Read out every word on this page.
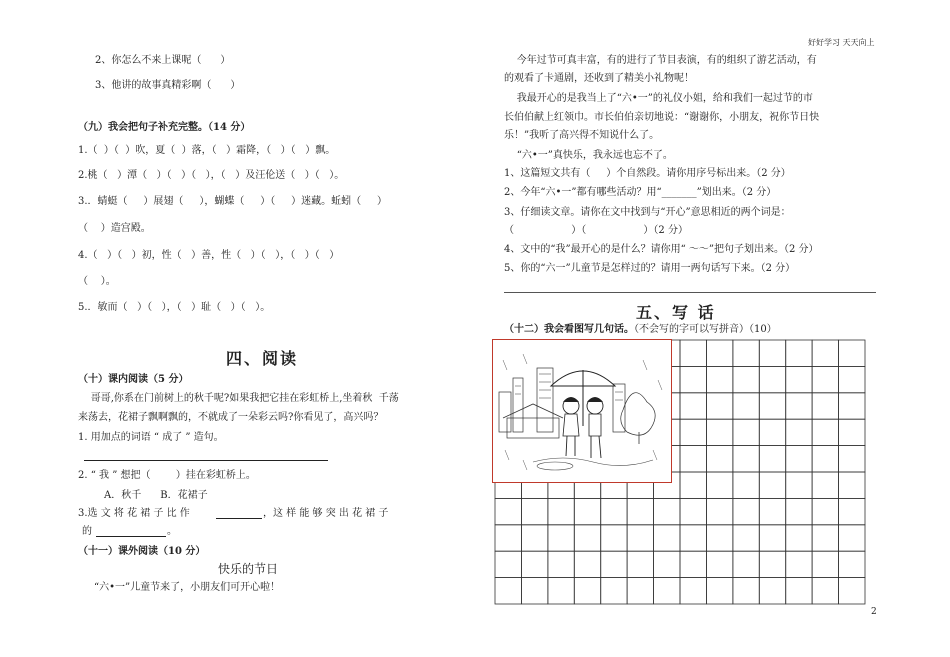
好好学习 天天向上
2
2、你怎么不来上课呢（      ）
3、他讲的故事真精彩啊（      ）
（九）我会把句子补充完整。（14 分）
1.（  ）（  ）吹，夏（  ）落，（   ）霜降，（   ）（   ）飘。
2.桃（   ）潭（   ）（   ）（   ），（   ）及汪伦送（   ）（   ）。
3.．蜻蜓（     ）展翅（     ），蝴蝶（     ）（     ）迷藏。蚯蚓（     ）
（    ）造宫殿。
4.（   ）（   ）初，性（   ）善，性（   ）（   ），（   ）（   ）
（    ）。
5.．敏而（   ）（   ），（   ）耻（   ）（   ）。
四、阅读
（十）课内阅读（5 分）
哥哥,你系在门前树上的秋千呢?如果我把它挂在彩虹桥上,坐着秋  千荡
来荡去，花裙子飘啊飘的，不就成了一朵彩云吗?你看见了，高兴吗？
1. 用加点的词语 “ 成了 ” 造句。
2. “ 我 ” 想把（        ）挂在彩虹桥上。
A．秋千      B．花裙子
3.选 文 将 花 裙 子 比 作	，这 样 能 够 突 出 花 裙 子
的	。
（十一）课外阅读（10 分）
快乐的节日
“六•一”儿童节来了，小朋友们可开心啦！
今年过节可真丰富，有的进行了节目表演，有的组织了游艺活动，有
的观看了卡通剧，还收到了精美小礼物呢！
我最开心的是我当上了“六•一”的礼仪小姐，给和我们一起过节的市
长伯伯献上红领巾。市长伯伯亲切地说：“谢谢你，小朋友，祝你节日快
乐！”我听了高兴得不知说什么了。
“六•一”真快乐，我永远也忘不了。
1、这篇短文共有（     ）个自然段。请你用序号标出来。（2 分）
2、今年“六•一”都有哪些活动？用“_______”划出来。（2 分）
3、仔细读文章。请你在文中找到与“开心”意思相近的两个词是：
（                  ）（                  ）（2 分）
4、文中的“我”最开心的是什么？请你用“ ～～”把句子划出来。（2 分）
5、你的“六一”儿童节是怎样过的？请用一两句话写下来。（2 分）
五、写 话
（十二）我会看图写几句话。（不会写的字可以写拼音）（10）
